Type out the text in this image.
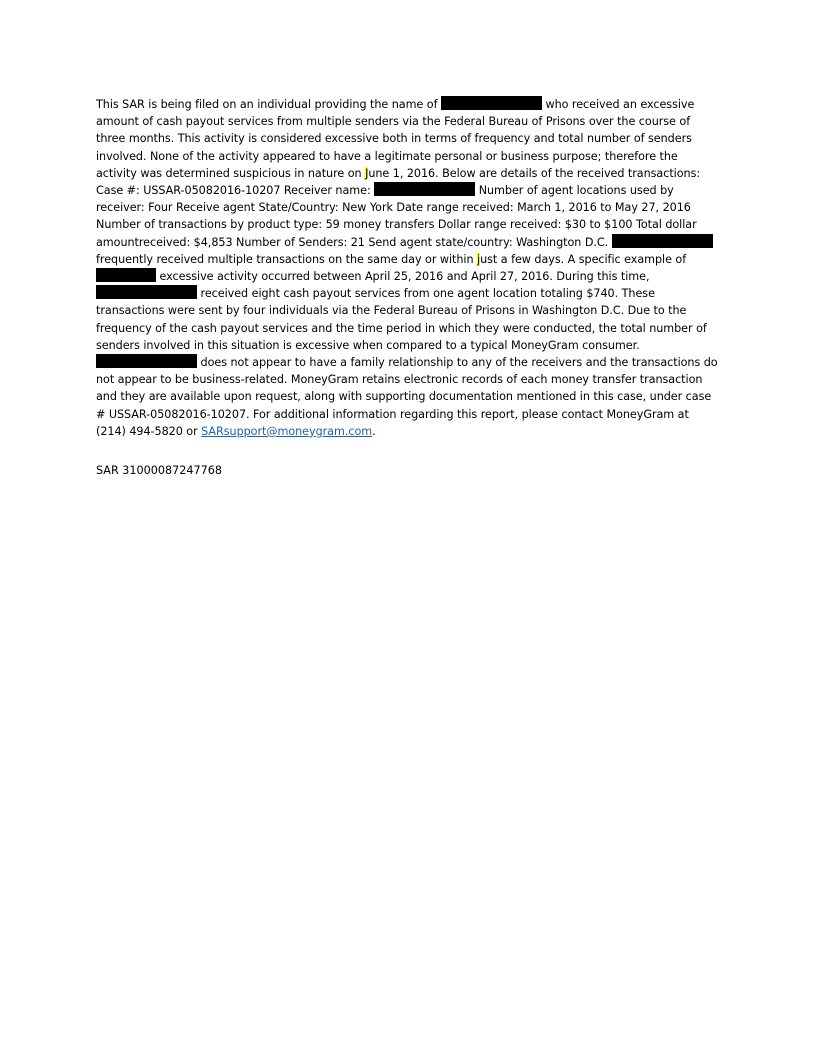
This SAR is being filed on an individual providing the name of	who received an excessive amount of cash payout services from multiple senders via the Federal Bureau of Prisons over the course of three months. This activity is considered excessive both in terms of frequency and total number of senders involved. None of the activity appeared to have a legitimate personal or business purpose; therefore the activity was determined suspicious in nature on June 1, 2016. Below are details of the received transactions: Case #: USSAR-05082016-10207 Receiver name:	Number of agent locations used by receiver: Four Receive agent State/Country: New York Date range received: March 1, 2016 to May 27, 2016 Number of transactions by product type: 59 money transfers Dollar range received: $30 to $100 Total dollar amountreceived: $4,853 Number of Senders: 21 Send agent state/country: Washington D.C.  frequently received multiple transactions on the same day or within just a few days. A specific example of excessive activity occurred between April 25, 2016 and April 27, 2016. During this time,  received eight cash payout services from one agent location totaling $740. These transactions were sent by four individuals via the Federal Bureau of Prisons in Washington D.C. Due to the frequency of the cash payout services and the time period in which they were conducted, the total number of senders involved in this situation is excessive when compared to a typical MoneyGram consumer.  does not appear to have a family relationship to any of the receivers and the transactions do not appear to be business-related. MoneyGram retains electronic records of each money transfer transaction and they are available upon request, along with supporting documentation mentioned in this case, under case # USSAR-05082016-10207. For additional information regarding this report, please contact MoneyGram at (214) 494-5820 or SARsupport@moneygram.com.

SAR 31000087247768
